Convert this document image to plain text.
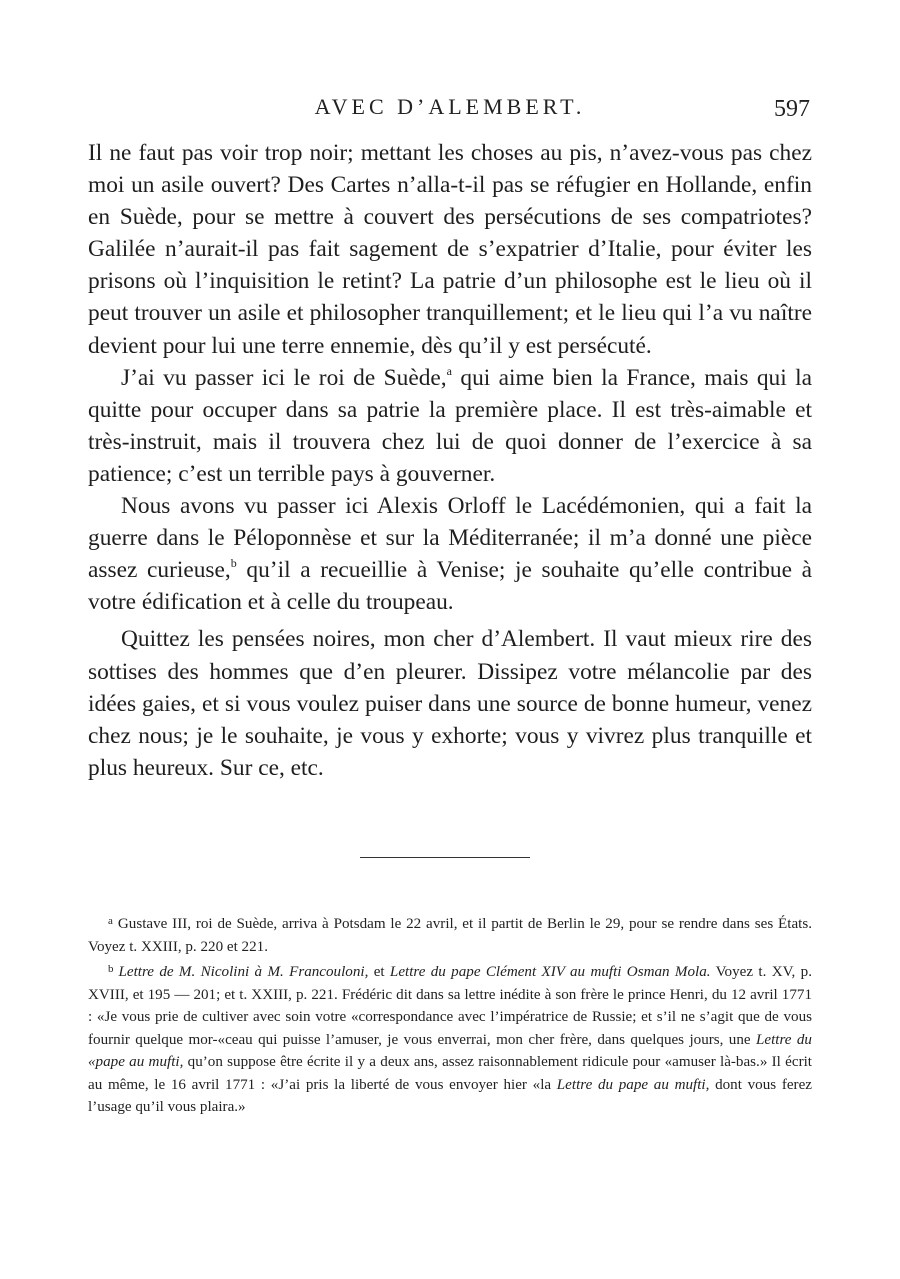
AVEC D’ALEMBERT.	597

Il ne faut pas voir trop noir; mettant les choses au pis, n’avez-vous pas chez moi un asile ouvert? Des Cartes n’alla-t-il pas se réfugier en Hollande, enfin en Suède, pour se mettre à couvert des persécutions de ses compatriotes? Galilée n’aurait-il pas fait sagement de s’expatrier d’Italie, pour éviter les prisons où l’inquisition le retint? La patrie d’un philosophe est le lieu où il peut trouver un asile et philosopher tranquillement; et le lieu qui l’a vu naître devient pour lui une terre ennemie, dès qu’il y est persécuté.

J’ai vu passer ici le roi de Suède,$^a$ qui aime bien la France, mais qui la quitte pour occuper dans sa patrie la première place. Il est très-aimable et très-instruit, mais il trouvera chez lui de quoi donner de l’exercice à sa patience; c’est un terrible pays à gouverner.

Nous avons vu passer ici Alexis Orloff le Lacédémonien, qui a fait la guerre dans le Péloponnèse et sur la Méditerranée; il m’a donné une pièce assez curieuse,$^b$ qu’il a recueillie à Venise; je souhaite qu’elle contribue à votre édification et à celle du troupeau.

Quittez les pensées noires, mon cher d’Alembert. Il vaut mieux rire des sottises des hommes que d’en pleurer. Dissipez votre mélancolie par des idées gaies, et si vous voulez puiser dans une source de bonne humeur, venez chez nous; je le souhaite, je vous y exhorte; vous y vivrez plus tranquille et plus heureux. Sur ce, etc.

$^a$ Gustave III, roi de Suède, arriva à Potsdam le 22 avril, et il partit de Berlin le 29, pour se rendre dans ses États. Voyez t. XXIII, p. 220 et 221.

$^b$ Lettre de M. Nicolini à M. Francouloni, et Lettre du pape Clément XIV au mufti Osman Mola. Voyez t. XV, p. XVIII, et 195 — 201; et t. XXIII, p. 221. Frédéric dit dans sa lettre inédite à son frère le prince Henri, du 12 avril 1771 : «Je vous prie de cultiver avec soin votre «correspondance avec l’impératrice de Russie; et s’il ne s’agit que de vous fournir quelque mor-«ceau qui puisse l’amuser, je vous enverrai, mon cher frère, dans quelques jours, une Lettre du «pape au mufti, qu’on suppose être écrite il y a deux ans, assez raisonnablement ridicule pour «amuser là-bas.» Il écrit au même, le 16 avril 1771 : «J’ai pris la liberté de vous envoyer hier «la Lettre du pape au mufti, dont vous ferez l’usage qu’il vous plaira.»
